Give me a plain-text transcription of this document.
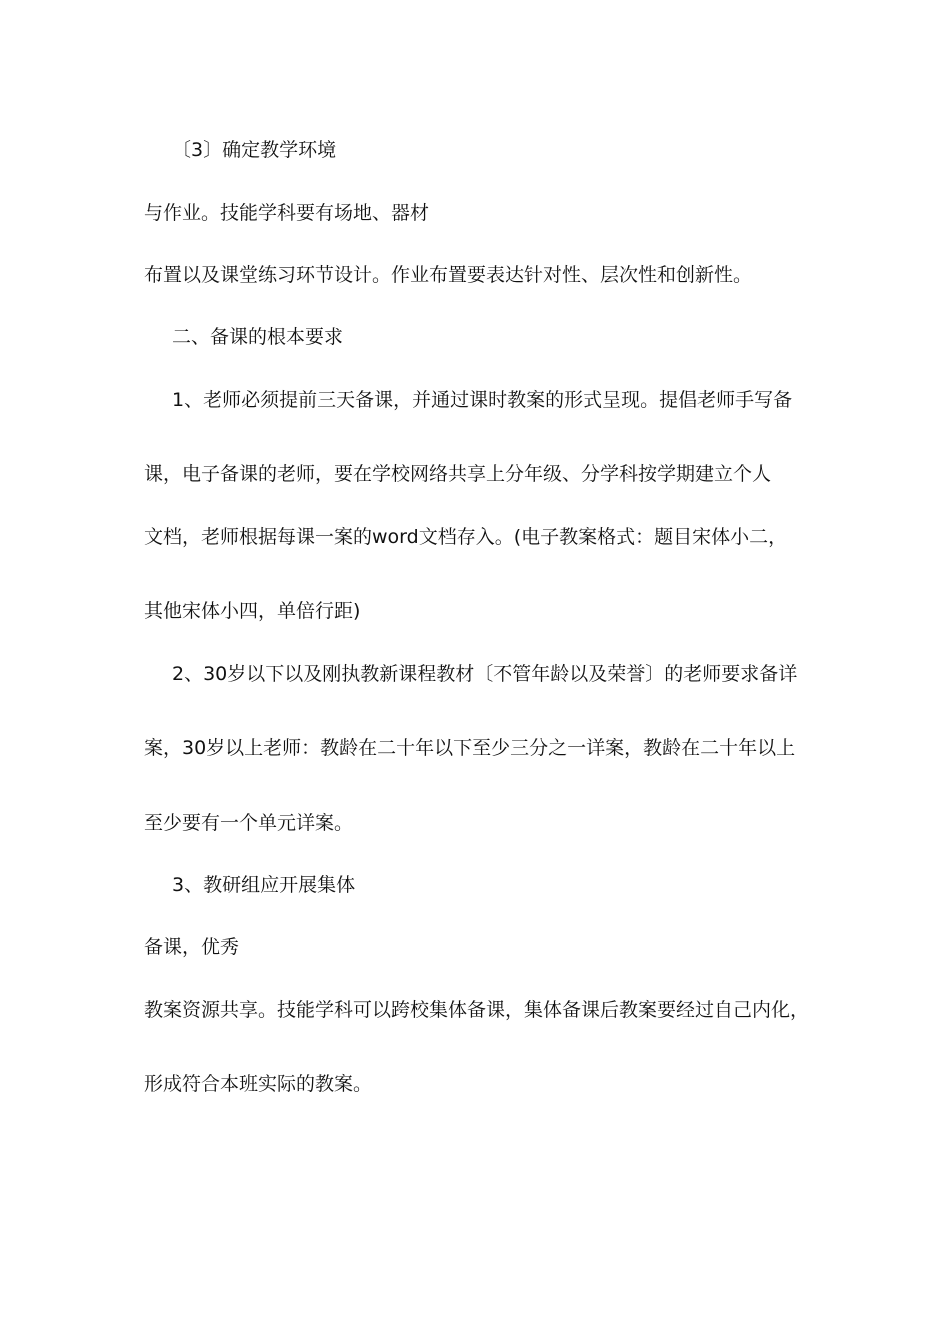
〔3〕确定教学环境
与作业。技能学科要有场地、器材
布置以及课堂练习环节设计。作业布置要表达针对性、层次性和创新性。
二、备课的根本要求
1、老师必须提前三天备课，并通过课时教案的形式呈现。提倡老师手写备
课，电子备课的老师，要在学校网络共享上分年级、分学科按学期建立个人
文档，老师根据每课一案的word文档存入。(电子教案格式：题目宋体小二，
其他宋体小四，单倍行距)
2、30岁以下以及刚执教新课程教材〔不管年龄以及荣誉〕的老师要求备详
案，30岁以上老师：教龄在二十年以下至少三分之一详案，教龄在二十年以上
至少要有一个单元详案。
3、教研组应开展集体
备课，优秀
教案资源共享。技能学科可以跨校集体备课，集体备课后教案要经过自己内化，
形成符合本班实际的教案。
